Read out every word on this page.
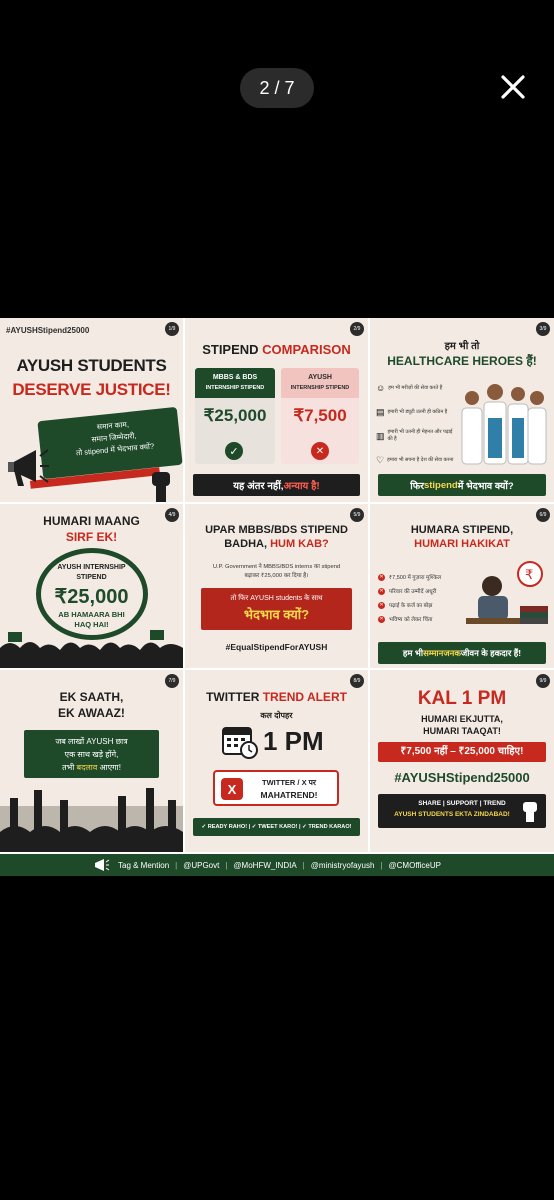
2 / 7
#AYUSHStipend25000	1/9
AYUSH STUDENTS
DESERVE JUSTICE!
समान काम,
समान जिम्मेदारी,
तो stipend में भेदभाव क्यों?
2/9
STIPEND COMPARISON
MBBS & BDS
INTERNSHIP STIPEND
₹25,000
✓
AYUSH
INTERNSHIP STIPEND
₹7,500
✕
यह अंतर नहीं, अन्याय है!
3/9
हम भी तो
HEALTHCARE HEROES हैं!
☺ हम भी मरीज़ों की सेवा करते हैं
▤ हमारी भी ड्यूटी उतनी ही कठिन है
▥ हमारी भी उतनी ही मेहनत और पढ़ाई की है
♡ हमारा भी सपना है देश की सेवा करना
फिर stipend में भेदभाव क्यों?
4/9
HUMARI MAANG
SIRF EK!
AYUSH INTERNSHIP
STIPEND
₹25,000
AB HAMAARA BHI
HAQ HAI!
5/9
UPAR MBBS/BDS STIPEND
BADHA, HUM KAB?
U.P. Government ने MBBS/BDS interns का stipend
बढ़ाकर ₹25,000 कर दिया है।
तो फिर AYUSH students के साथ
भेदभाव क्यों?
#EqualStipendForAYUSH
6/9
HUMARA STIPEND,
HUMARI HAKIKAT
✕ ₹7,500 में गुज़ारा मुश्किल
✕ परिवार की उम्मीदें अधूरी
✕ पढ़ाई के कर्ज का बोझ
✕ भविष्य को लेकर चिंता
₹
हम भी सम्मानजनक जीवन के हकदार हैं!
7/9
EK SAATH,
EK AWAAZ!
जब लाखों AYUSH छात्र
एक साथ खड़े होंगे,
तभी बदलाव आएगा!
8/9
TWITTER TREND ALERT
कल दोपहर
1 PM
X	TWITTER / X पर
MAHATREND!
✓ READY RAHO! | ✓ TWEET KARO! | ✓ TREND KARAO!
9/9
KAL 1 PM
HUMARI EKJUTTA,
HUMARI TAAQAT!
₹7,500 नहीं – ₹25,000 चाहिए!
#AYUSHStipend25000
SHARE | SUPPORT | TREND
AYUSH STUDENTS EKTA ZINDABAD!
Tag & Mention | @UPGovt | @MoHFW_INDIA | @ministryofayush | @CMOfficeUP
